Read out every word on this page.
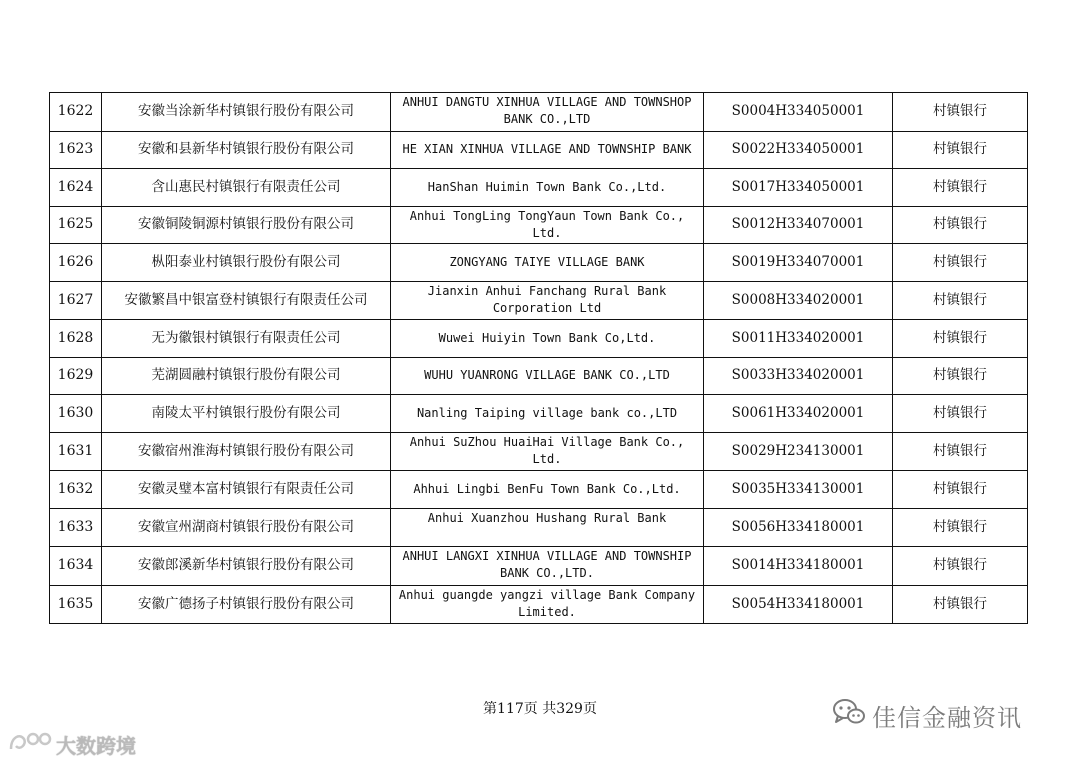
1622	安徽当涂新华村镇银行股份有限公司	ANHUI DANGTU XINHUA VILLAGE AND TOWNSHOP BANK CO.,LTD	S0004H334050001	村镇银行
1623	安徽和县新华村镇银行股份有限公司	HE XIAN XINHUA VILLAGE AND TOWNSHIP BANK	S0022H334050001	村镇银行
1624	含山惠民村镇银行有限责任公司	HanShan Huimin Town Bank Co.,Ltd.	S0017H334050001	村镇银行
1625	安徽铜陵铜源村镇银行股份有限公司	Anhui TongLing TongYaun Town Bank Co., Ltd.	S0012H334070001	村镇银行
1626	枞阳泰业村镇银行股份有限公司	ZONGYANG TAIYE VILLAGE BANK	S0019H334070001	村镇银行
1627	安徽繁昌中银富登村镇银行有限责任公司	Jianxin Anhui Fanchang Rural Bank Corporation Ltd	S0008H334020001	村镇银行
1628	无为徽银村镇银行有限责任公司	Wuwei Huiyin Town Bank Co,Ltd.	S0011H334020001	村镇银行
1629	芜湖圆融村镇银行股份有限公司	WUHU YUANRONG VILLAGE BANK CO.,LTD	S0033H334020001	村镇银行
1630	南陵太平村镇银行股份有限公司	Nanling Taiping village bank co.,LTD	S0061H334020001	村镇银行
1631	安徽宿州淮海村镇银行股份有限公司	Anhui SuZhou HuaiHai Village Bank Co., Ltd.	S0029H234130001	村镇银行
1632	安徽灵璧本富村镇银行有限责任公司	Ahhui Lingbi BenFu Town Bank Co.,Ltd.	S0035H334130001	村镇银行
1633	安徽宣州湖商村镇银行股份有限公司	Anhui Xuanzhou Hushang Rural Bank	S0056H334180001	村镇银行
1634	安徽郎溪新华村镇银行股份有限公司	ANHUI LANGXI XINHUA VILLAGE AND TOWNSHIP BANK CO.,LTD.	S0014H334180001	村镇银行
1635	安徽广德扬子村镇银行股份有限公司	Anhui guangde yangzi village Bank Company Limited.	S0054H334180001	村镇银行
第117页 共329页	佳信金融资讯
大数跨境
